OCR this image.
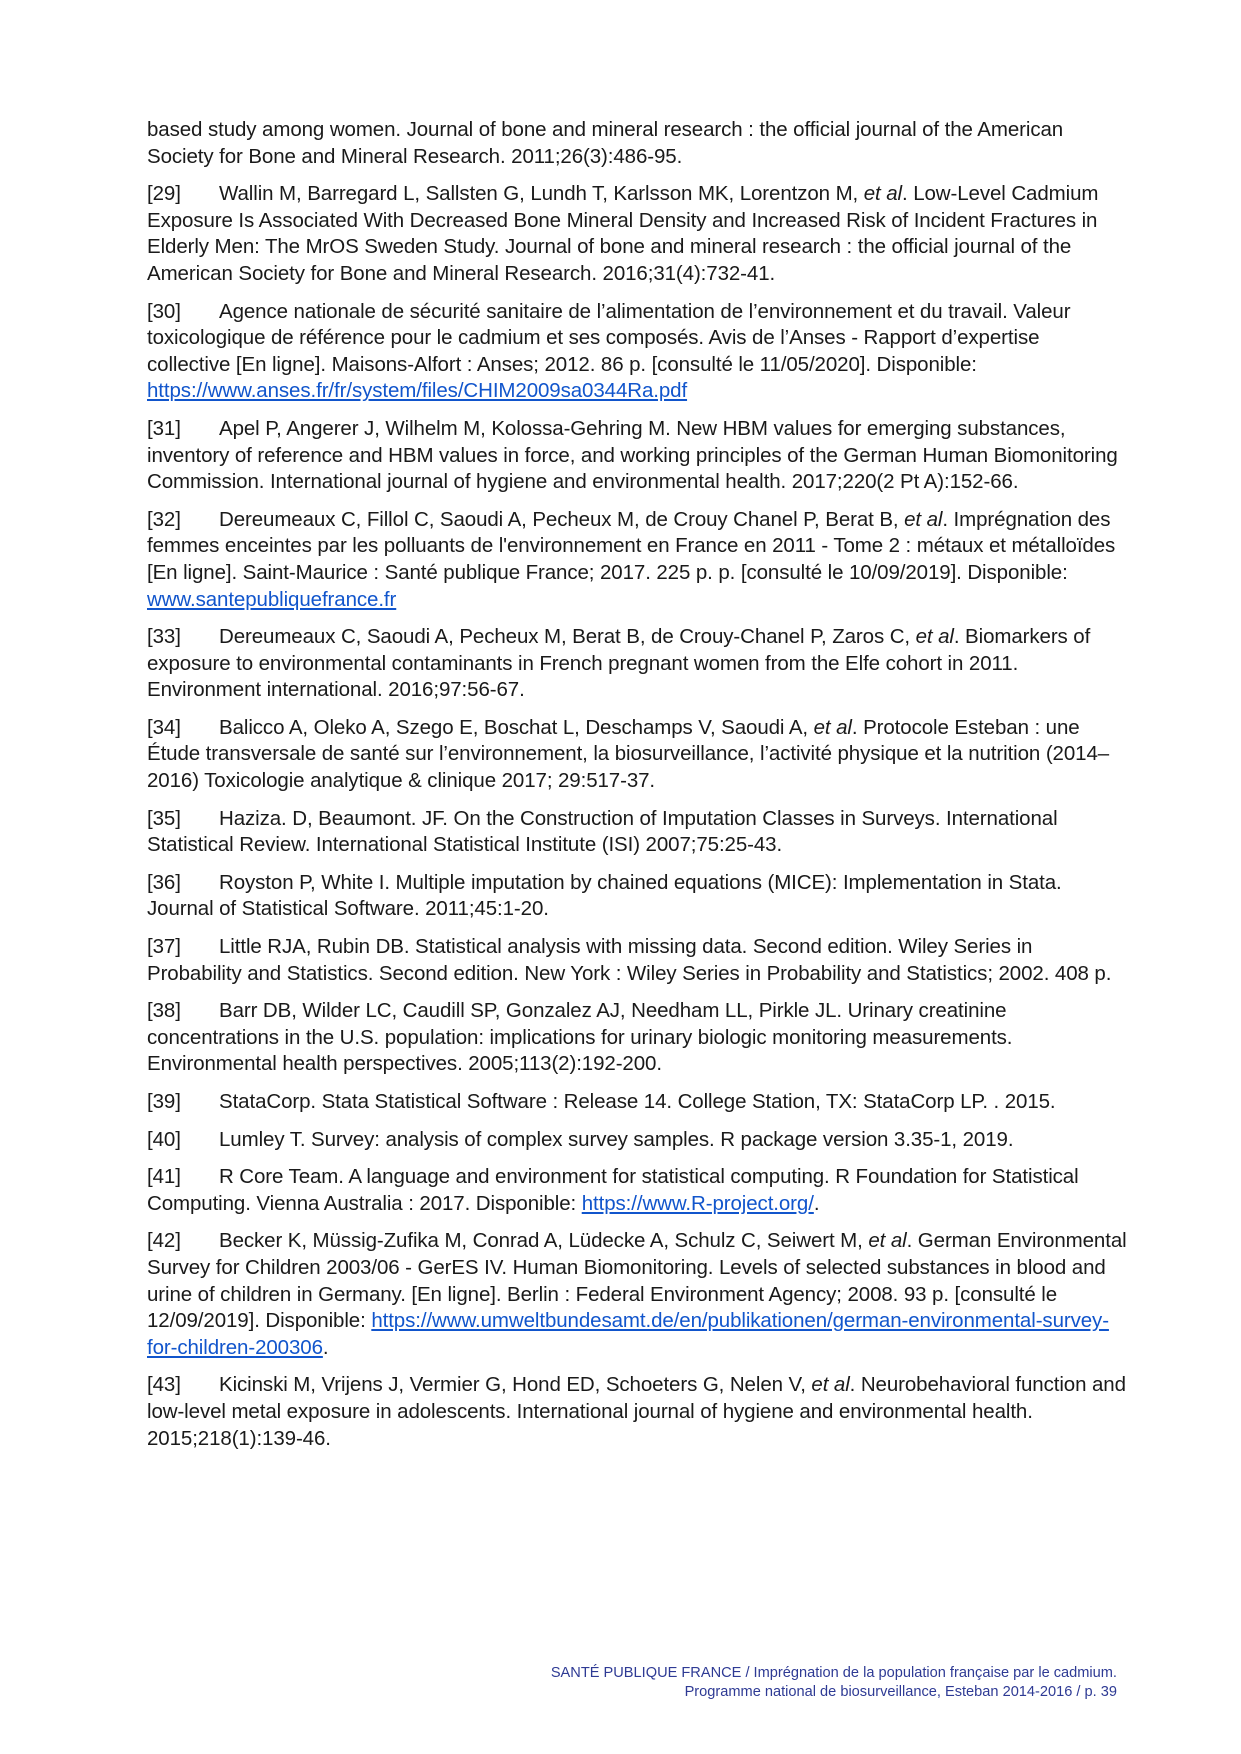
based study among women. Journal of bone and mineral research : the official journal of the American Society for Bone and Mineral Research. 2011;26(3):486-95.

[29] Wallin M, Barregard L, Sallsten G, Lundh T, Karlsson MK, Lorentzon M, et al. Low-Level Cadmium Exposure Is Associated With Decreased Bone Mineral Density and Increased Risk of Incident Fractures in Elderly Men: The MrOS Sweden Study. Journal of bone and mineral research : the official journal of the American Society for Bone and Mineral Research. 2016;31(4):732-41.

[30] Agence nationale de sécurité sanitaire de l’alimentation de l’environnement et du travail. Valeur toxicologique de référence pour le cadmium et ses composés. Avis de l’Anses - Rapport d’expertise collective [En ligne]. Maisons-Alfort : Anses; 2012. 86 p. [consulté le 11/05/2020]. Disponible: https://www.anses.fr/fr/system/files/CHIM2009sa0344Ra.pdf

[31] Apel P, Angerer J, Wilhelm M, Kolossa-Gehring M. New HBM values for emerging substances, inventory of reference and HBM values in force, and working principles of the German Human Biomonitoring Commission. International journal of hygiene and environmental health. 2017;220(2 Pt A):152-66.

[32] Dereumeaux C, Fillol C, Saoudi A, Pecheux M, de Crouy Chanel P, Berat B, et al. Imprégnation des femmes enceintes par les polluants de l'environnement en France en 2011 - Tome 2 : métaux et métalloïdes [En ligne]. Saint-Maurice : Santé publique France; 2017. 225 p. p. [consulté le 10/09/2019]. Disponible: www.santepubliquefrance.fr

[33] Dereumeaux C, Saoudi A, Pecheux M, Berat B, de Crouy-Chanel P, Zaros C, et al. Biomarkers of exposure to environmental contaminants in French pregnant women from the Elfe cohort in 2011. Environment international. 2016;97:56-67.

[34] Balicco A, Oleko A, Szego E, Boschat L, Deschamps V, Saoudi A, et al. Protocole Esteban : une Étude transversale de santé sur l’environnement, la biosurveillance, l’activité physique et la nutrition (2014–2016) Toxicologie analytique & clinique 2017; 29:517-37.

[35] Haziza. D, Beaumont. JF. On the Construction of Imputation Classes in Surveys. International Statistical Review. International Statistical Institute (ISI) 2007;75:25-43.

[36] Royston P, White I. Multiple imputation by chained equations (MICE): Implementation in Stata. Journal of Statistical Software. 2011;45:1-20.

[37] Little RJA, Rubin DB. Statistical analysis with missing data. Second edition. Wiley Series in Probability and Statistics. Second edition. New York : Wiley Series in Probability and Statistics; 2002. 408 p.

[38] Barr DB, Wilder LC, Caudill SP, Gonzalez AJ, Needham LL, Pirkle JL. Urinary creatinine concentrations in the U.S. population: implications for urinary biologic monitoring measurements. Environmental health perspectives. 2005;113(2):192-200.

[39] StataCorp. Stata Statistical Software : Release 14. College Station, TX: StataCorp LP. . 2015.

[40] Lumley T. Survey: analysis of complex survey samples. R package version 3.35-1, 2019.

[41] R Core Team. A language and environment for statistical computing. R Foundation for Statistical Computing. Vienna Australia : 2017. Disponible: https://www.R-project.org/.

[42] Becker K, Müssig-Zufika M, Conrad A, Lüdecke A, Schulz C, Seiwert M, et al. German Environmental Survey for Children 2003/06 - GerES IV. Human Biomonitoring. Levels of selected substances in blood and urine of children in Germany. [En ligne]. Berlin : Federal Environment Agency; 2008. 93 p. [consulté le 12/09/2019]. Disponible: https://www.umweltbundesamt.de/en/publikationen/german-environmental-survey-for-children-200306.

[43] Kicinski M, Vrijens J, Vermier G, Hond ED, Schoeters G, Nelen V, et al. Neurobehavioral function and low-level metal exposure in adolescents. International journal of hygiene and environmental health. 2015;218(1):139-46.

SANTÉ PUBLIQUE FRANCE / Imprégnation de la population française par le cadmium.
Programme national de biosurveillance, Esteban 2014-2016 / p. 39
